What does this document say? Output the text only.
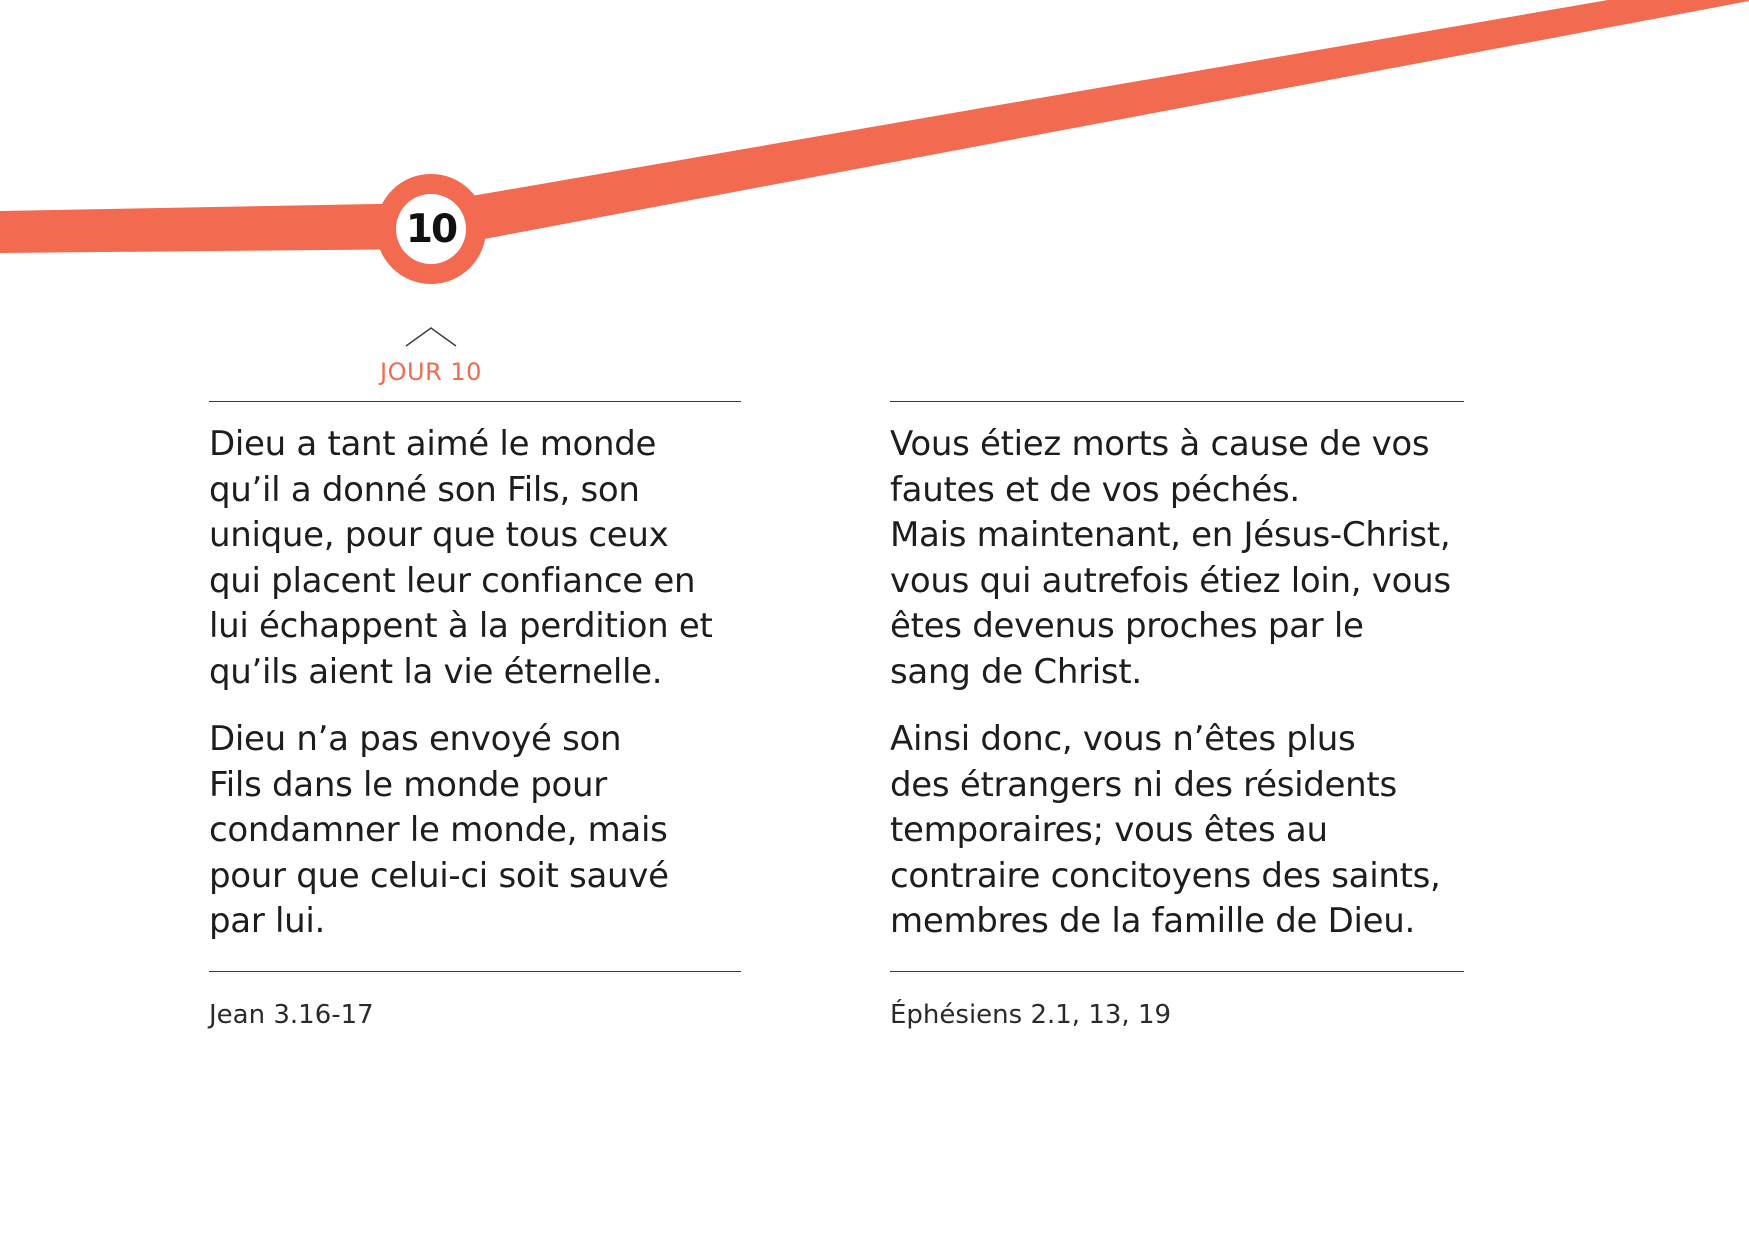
10
JOUR 10

Dieu a tant aimé le monde
qu’il a donné son Fils, son
unique, pour que tous ceux
qui placent leur confiance en
lui échappent à la perdition et
qu’ils aient la vie éternelle.

Dieu n’a pas envoyé son
Fils dans le monde pour
condamner le monde, mais
pour que celui-ci soit sauvé
par lui.

Jean 3.16-17

Vous étiez morts à cause de vos
fautes et de vos péchés.
Mais maintenant, en Jésus-Christ,
vous qui autrefois étiez loin, vous
êtes devenus proches par le
sang de Christ.

Ainsi donc, vous n’êtes plus
des étrangers ni des résidents
temporaires; vous êtes au
contraire concitoyens des saints,
membres de la famille de Dieu.

Éphésiens 2.1, 13, 19
